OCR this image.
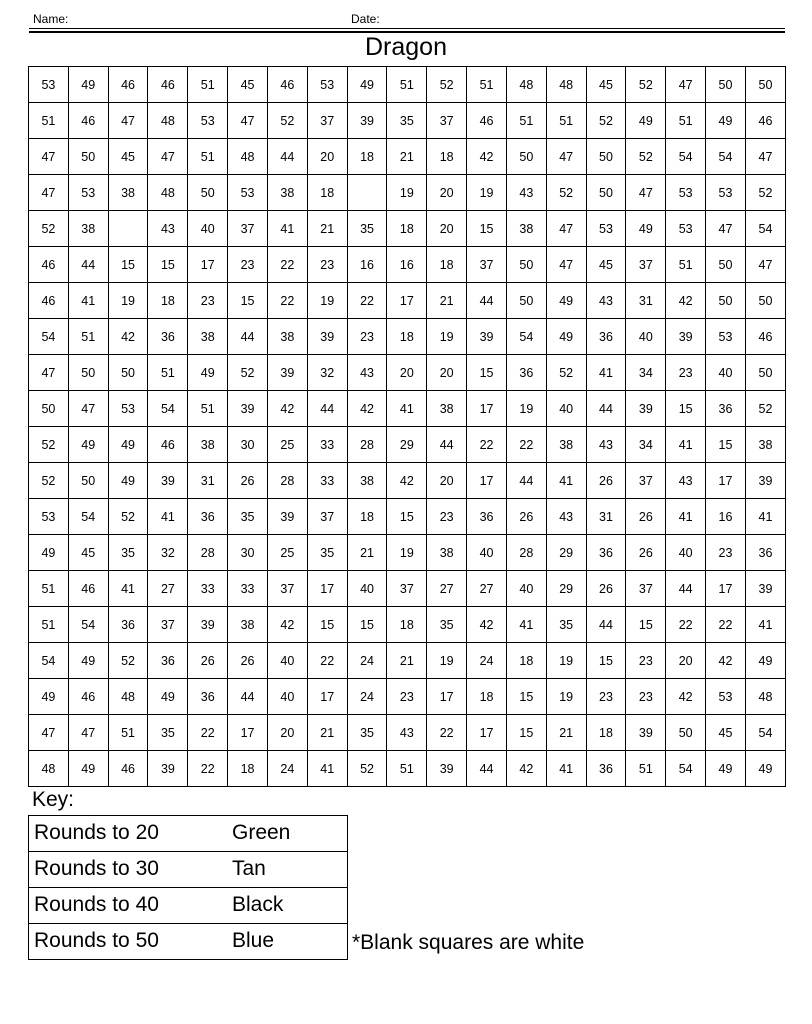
Name:	Date:
Dragon
53	49	46	46	51	45	46	53	49	51	52	51	48	48	45	52	47	50	50
51	46	47	48	53	47	52	37	39	35	37	46	51	51	52	49	51	49	46
47	50	45	47	51	48	44	20	18	21	18	42	50	47	50	52	54	54	47
47	53	38	48	50	53	38	18		19	20	19	43	52	50	47	53	53	52
52	38		43	40	37	41	21	35	18	20	15	38	47	53	49	53	47	54
46	44	15	15	17	23	22	23	16	16	18	37	50	47	45	37	51	50	47
46	41	19	18	23	15	22	19	22	17	21	44	50	49	43	31	42	50	50
54	51	42	36	38	44	38	39	23	18	19	39	54	49	36	40	39	53	46
47	50	50	51	49	52	39	32	43	20	20	15	36	52	41	34	23	40	50
50	47	53	54	51	39	42	44	42	41	38	17	19	40	44	39	15	36	52
52	49	49	46	38	30	25	33	28	29	44	22	22	38	43	34	41	15	38
52	50	49	39	31	26	28	33	38	42	20	17	44	41	26	37	43	17	39
53	54	52	41	36	35	39	37	18	15	23	36	26	43	31	26	41	16	41
49	45	35	32	28	30	25	35	21	19	38	40	28	29	36	26	40	23	36
51	46	41	27	33	33	37	17	40	37	27	27	40	29	26	37	44	17	39
51	54	36	37	39	38	42	15	15	18	35	42	41	35	44	15	22	22	41
54	49	52	36	26	26	40	22	24	21	19	24	18	19	15	23	20	42	49
49	46	48	49	36	44	40	17	24	23	17	18	15	19	23	23	42	53	48
47	47	51	35	22	17	20	21	35	43	22	17	15	21	18	39	50	45	54
48	49	46	39	22	18	24	41	52	51	39	44	42	41	36	51	54	49	49
Key:
Rounds to 20	Green

Rounds to 30	Tan

Rounds to 40	Black

Rounds to 50	Blue	*Blank squares are white
